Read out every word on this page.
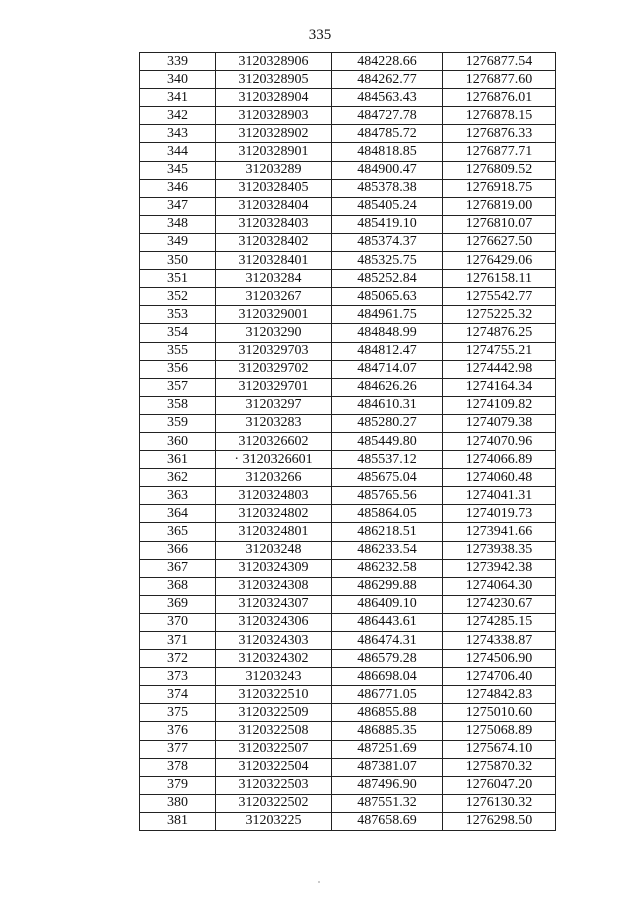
335
339	3120328906	484228.66	1276877.54
340	3120328905	484262.77	1276877.60
341	3120328904	484563.43	1276876.01
342	3120328903	484727.78	1276878.15
343	3120328902	484785.72	1276876.33
344	3120328901	484818.85	1276877.71
345	31203289	484900.47	1276809.52
346	3120328405	485378.38	1276918.75
347	3120328404	485405.24	1276819.00
348	3120328403	485419.10	1276810.07
349	3120328402	485374.37	1276627.50
350	3120328401	485325.75	1276429.06
351	31203284	485252.84	1276158.11
352	31203267	485065.63	1275542.77
353	3120329001	484961.75	1275225.32
354	31203290	484848.99	1274876.25
355	3120329703	484812.47	1274755.21
356	3120329702	484714.07	1274442.98
357	3120329701	484626.26	1274164.34
358	31203297	484610.31	1274109.82
359	31203283	485280.27	1274079.38
360	3120326602	485449.80	1274070.96
361	· 3120326601	485537.12	1274066.89
362	31203266	485675.04	1274060.48
363	3120324803	485765.56	1274041.31
364	3120324802	485864.05	1274019.73
365	3120324801	486218.51	1273941.66
366	31203248	486233.54	1273938.35
367	3120324309	486232.58	1273942.38
368	3120324308	486299.88	1274064.30
369	3120324307	486409.10	1274230.67
370	3120324306	486443.61	1274285.15
371	3120324303	486474.31	1274338.87
372	3120324302	486579.28	1274506.90
373	31203243	486698.04	1274706.40
374	3120322510	486771.05	1274842.83
375	3120322509	486855.88	1275010.60
376	3120322508	486885.35	1275068.89
377	3120322507	487251.69	1275674.10
378	3120322504	487381.07	1275870.32
379	3120322503	487496.90	1276047.20
380	3120322502	487551.32	1276130.32
381	31203225	487658.69	1276298.50
